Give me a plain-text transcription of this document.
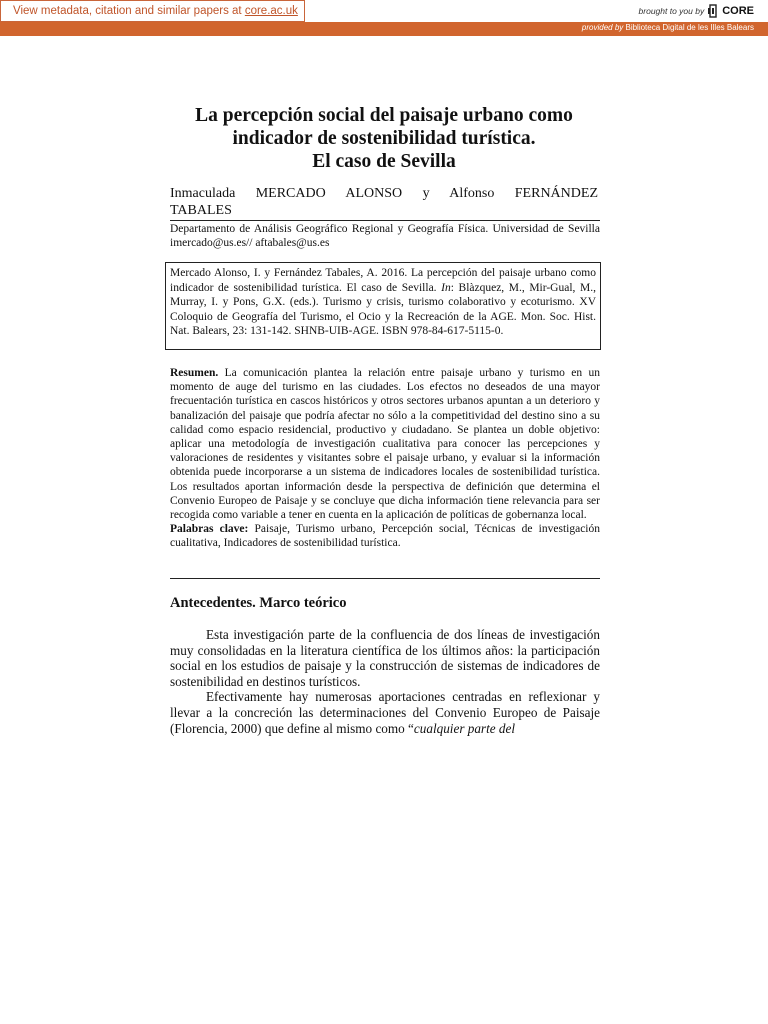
View metadata, citation and similar papers at core.ac.uk	brought to you by CORE
provided by Biblioteca Digital de les Illes Balears
La percepción social del paisaje urbano como
indicador de sostenibilidad turística.
El caso de Sevilla
Inmaculada MERCADO ALONSO y Alfonso FERNÁNDEZ
TABALES
Departamento de Análisis Geográfico Regional y Geografía Física. Universidad de Sevilla imercado@us.es// aftabales@us.es
Mercado Alonso, I. y Fernández Tabales, A. 2016. La percepción del paisaje urbano como indicador de sostenibilidad turística. El caso de Sevilla. In: Blàzquez, M., Mir-Gual, M., Murray, I. y Pons, G.X. (eds.). Turismo y crisis, turismo colaborativo y ecoturismo. XV Coloquio de Geografía del Turismo, el Ocio y la Recreación de la AGE. Mon. Soc. Hist. Nat. Balears, 23: 131-142. SHNB-UIB-AGE. ISBN 978-84-617-5115-0.
Resumen. La comunicación plantea la relación entre paisaje urbano y turismo en un momento de auge del turismo en las ciudades. Los efectos no deseados de una mayor frecuentación turística en cascos históricos y otros sectores urbanos apuntan a un deterioro y banalización del paisaje que podría afectar no sólo a la competitividad del destino sino a su calidad como espacio residencial, productivo y ciudadano. Se plantea un doble objetivo: aplicar una metodología de investigación cualitativa para conocer las percepciones y valoraciones de residentes y visitantes sobre el paisaje urbano, y evaluar si la información obtenida puede incorporarse a un sistema de indicadores locales de sostenibilidad turística. Los resultados aportan información desde la perspectiva de definición que determina el Convenio Europeo de Paisaje y se concluye que dicha información tiene relevancia para ser recogida como variable a tener en cuenta en la aplicación de políticas de gobernanza local.
Palabras clave: Paisaje, Turismo urbano, Percepción social, Técnicas de investigación cualitativa, Indicadores de sostenibilidad turística.
Antecedentes. Marco teórico

Esta investigación parte de la confluencia de dos líneas de investigación muy consolidadas en la literatura científica de los últimos años: la participación social en los estudios de paisaje y la construcción de sistemas de indicadores de sostenibilidad en destinos turísticos.

Efectivamente hay numerosas aportaciones centradas en reflexionar y llevar a la concreción las determinaciones del Convenio Europeo de Paisaje (Florencia, 2000) que define al mismo como “cualquier parte del
